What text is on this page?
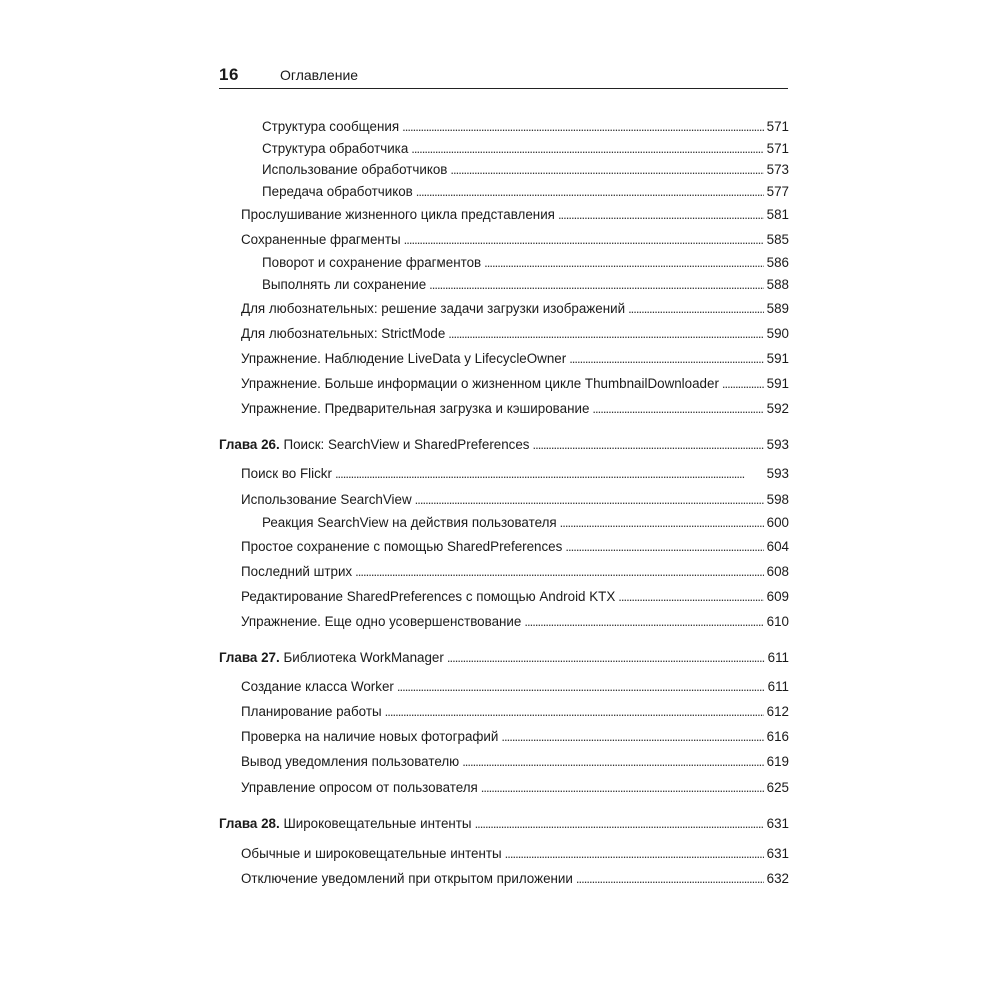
16	Оглавление
Структура сообщения . . .	571
Структура обработчика . . .	571
Использование обработчиков . . .	573
Передача обработчиков . . .	577
Прослушивание жизненного цикла представления . . .	581
Сохраненные фрагменты . . .	585
Поворот и сохранение фрагментов . . .	586
Выполнять ли сохранение . . .	588
Для любознательных: решение задачи загрузки изображений . . .	589
Для любознательных: StrictMode . . .	590
Упражнение. Наблюдение LiveData у LifecycleOwner . . .	591
Упражнение. Больше информации о жизненном цикле ThumbnailDownloader . . .	591
Упражнение. Предварительная загрузка и кэширование . . .	592
Глава 26. Поиск: SearchView и SharedPreferences . . .	593
Поиск во Flickr . . .	593
Использование SearchView . . .	598
Реакция SearchView на действия пользователя . . .	600
Простое сохранение с помощью SharedPreferences . . .	604
Последний штрих . . .	608
Редактирование SharedPreferences с помощью Android KTX . . .	609
Упражнение. Еще одно усовершенствование . . .	610
Глава 27. Библиотека WorkManager . . .	611
Создание класса Worker . . .	611
Планирование работы . . .	612
Проверка на наличие новых фотографий . . .	616
Вывод уведомления пользователю . . .	619
Управление опросом от пользователя . . .	625
Глава 28. Широковещательные интенты . . .	631
Обычные и широковещательные интенты . . .	631
Отключение уведомлений при открытом приложении . . .	632
